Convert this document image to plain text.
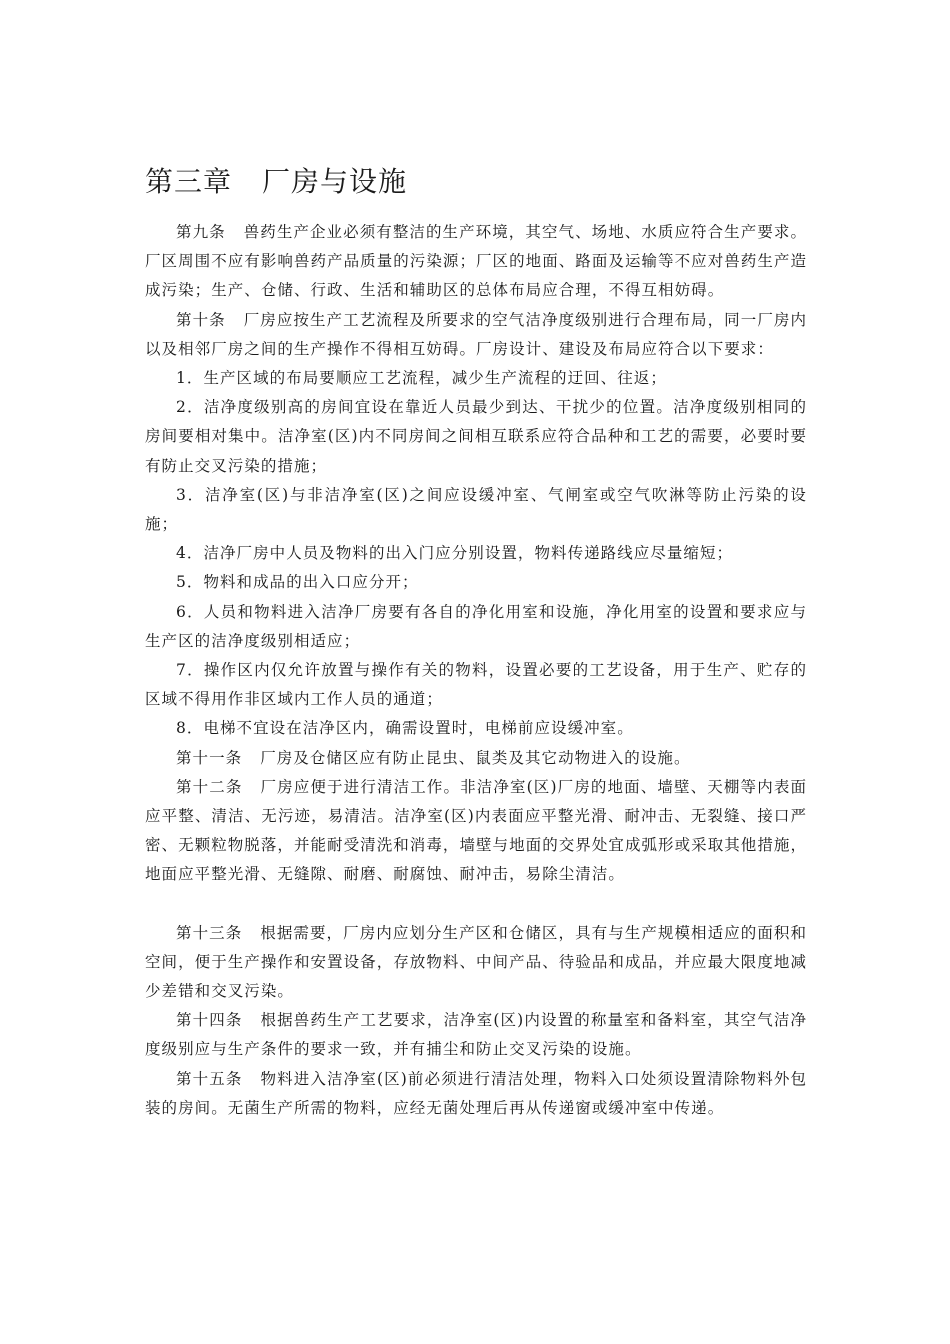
第三章 厂房与设施

第九条 兽药生产企业必须有整洁的生产环境，其空气、场地、水质应符合生产要求。厂区周围不应有影响兽药产品质量的污染源；厂区的地面、路面及运输等不应对兽药生产造成污染；生产、仓储、行政、生活和辅助区的总体布局应合理，不得互相妨碍。

第十条 厂房应按生产工艺流程及所要求的空气洁净度级别进行合理布局，同一厂房内以及相邻厂房之间的生产操作不得相互妨碍。厂房设计、建设及布局应符合以下要求：

1．生产区域的布局要顺应工艺流程，减少生产流程的迂回、往返；

2．洁净度级别高的房间宜设在靠近人员最少到达、干扰少的位置。洁净度级别相同的房间要相对集中。洁净室(区)内不同房间之间相互联系应符合品种和工艺的需要，必要时要有防止交叉污染的措施；

3．洁净室(区)与非洁净室(区)之间应设缓冲室、气闸室或空气吹淋等防止污染的设施；

4．洁净厂房中人员及物料的出入门应分别设置，物料传递路线应尽量缩短；

5．物料和成品的出入口应分开；

6．人员和物料进入洁净厂房要有各自的净化用室和设施，净化用室的设置和要求应与生产区的洁净度级别相适应；

7．操作区内仅允许放置与操作有关的物料，设置必要的工艺设备，用于生产、贮存的区域不得用作非区域内工作人员的通道；

8．电梯不宜设在洁净区内，确需设置时，电梯前应设缓冲室。

第十一条 厂房及仓储区应有防止昆虫、鼠类及其它动物进入的设施。

第十二条 厂房应便于进行清洁工作。非洁净室(区)厂房的地面、墙壁、天棚等内表面应平整、清洁、无污迹，易清洁。洁净室(区)内表面应平整光滑、耐冲击、无裂缝、接口严密、无颗粒物脱落，并能耐受清洗和消毒，墙壁与地面的交界处宜成弧形或采取其他措施，地面应平整光滑、无缝隙、耐磨、耐腐蚀、耐冲击，易除尘清洁。

第十三条 根据需要，厂房内应划分生产区和仓储区，具有与生产规模相适应的面积和空间，便于生产操作和安置设备，存放物料、中间产品、待验品和成品，并应最大限度地减少差错和交叉污染。

第十四条 根据兽药生产工艺要求，洁净室(区)内设置的称量室和备料室，其空气洁净度级别应与生产条件的要求一致，并有捕尘和防止交叉污染的设施。

第十五条 物料进入洁净室(区)前必须进行清洁处理，物料入口处须设置清除物料外包装的房间。无菌生产所需的物料，应经无菌处理后再从传递窗或缓冲室中传递。
